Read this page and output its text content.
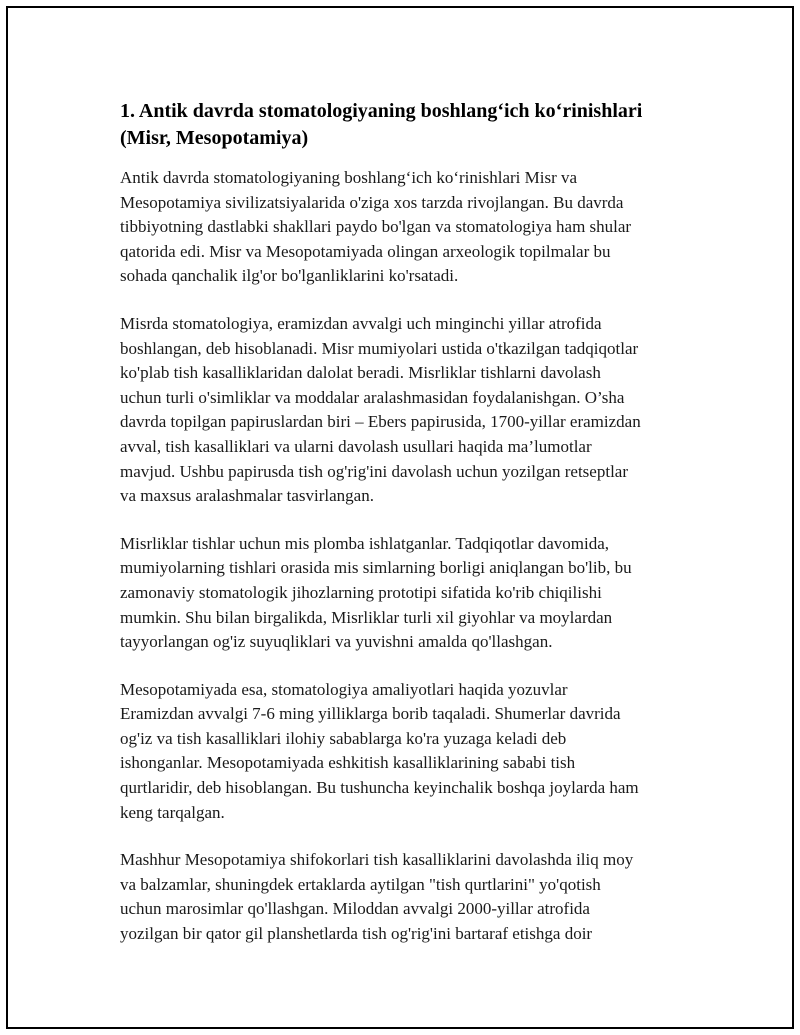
1. Antik davrda stomatologiyaning boshlang‘ich ko‘rinishlari
(Misr, Mesopotamiya)

Antik davrda stomatologiyaning boshlang‘ich ko‘rinishlari Misr va
Mesopotamiya sivilizatsiyalarida o'ziga xos tarzda rivojlangan. Bu davrda
tibbiyotning dastlabki shakllari paydo bo'lgan va stomatologiya ham shular
qatorida edi. Misr va Mesopotamiyada olingan arxeologik topilmalar bu
sohada qanchalik ilg'or bo'lganliklarini ko'rsatadi.

Misrda stomatologiya, eramizdan avvalgi uch minginchi yillar atrofida
boshlangan, deb hisoblanadi. Misr mumiyolari ustida o'tkazilgan tadqiqotlar
ko'plab tish kasalliklaridan dalolat beradi. Misrliklar tishlarni davolash
uchun turli o'simliklar va moddalar aralashmasidan foydalanishgan. O’sha
davrda topilgan papiruslardan biri – Ebers papirusida, 1700-yillar eramizdan
avval, tish kasalliklari va ularni davolash usullari haqida ma’lumotlar
mavjud. Ushbu papirusda tish og'rig'ini davolash uchun yozilgan retseptlar
va maxsus aralashmalar tasvirlangan.

Misrliklar tishlar uchun mis plomba ishlatganlar. Tadqiqotlar davomida,
mumiyolarning tishlari orasida mis simlarning borligi aniqlangan bo'lib, bu
zamonaviy stomatologik jihozlarning prototipi sifatida ko'rib chiqilishi
mumkin. Shu bilan birgalikda, Misrliklar turli xil giyohlar va moylardan
tayyorlangan og'iz suyuqliklari va yuvishni amalda qo'llashgan.

Mesopotamiyada esa, stomatologiya amaliyotlari haqida yozuvlar
Eramizdan avvalgi 7-6 ming yilliklarga borib taqaladi. Shumerlar davrida
og'iz va tish kasalliklari ilohiy sabablarga ko'ra yuzaga keladi deb
ishonganlar. Mesopotamiyada eshkitish kasalliklarining sababi tish
qurtlaridir, deb hisoblangan. Bu tushuncha keyinchalik boshqa joylarda ham
keng tarqalgan.

Mashhur Mesopotamiya shifokorlari tish kasalliklarini davolashda iliq moy
va balzamlar, shuningdek ertaklarda aytilgan "tish qurtlarini" yo'qotish
uchun marosimlar qo'llashgan. Miloddan avvalgi 2000-yillar atrofida
yozilgan bir qator gil planshetlarda tish og'rig'ini bartaraf etishga doir
